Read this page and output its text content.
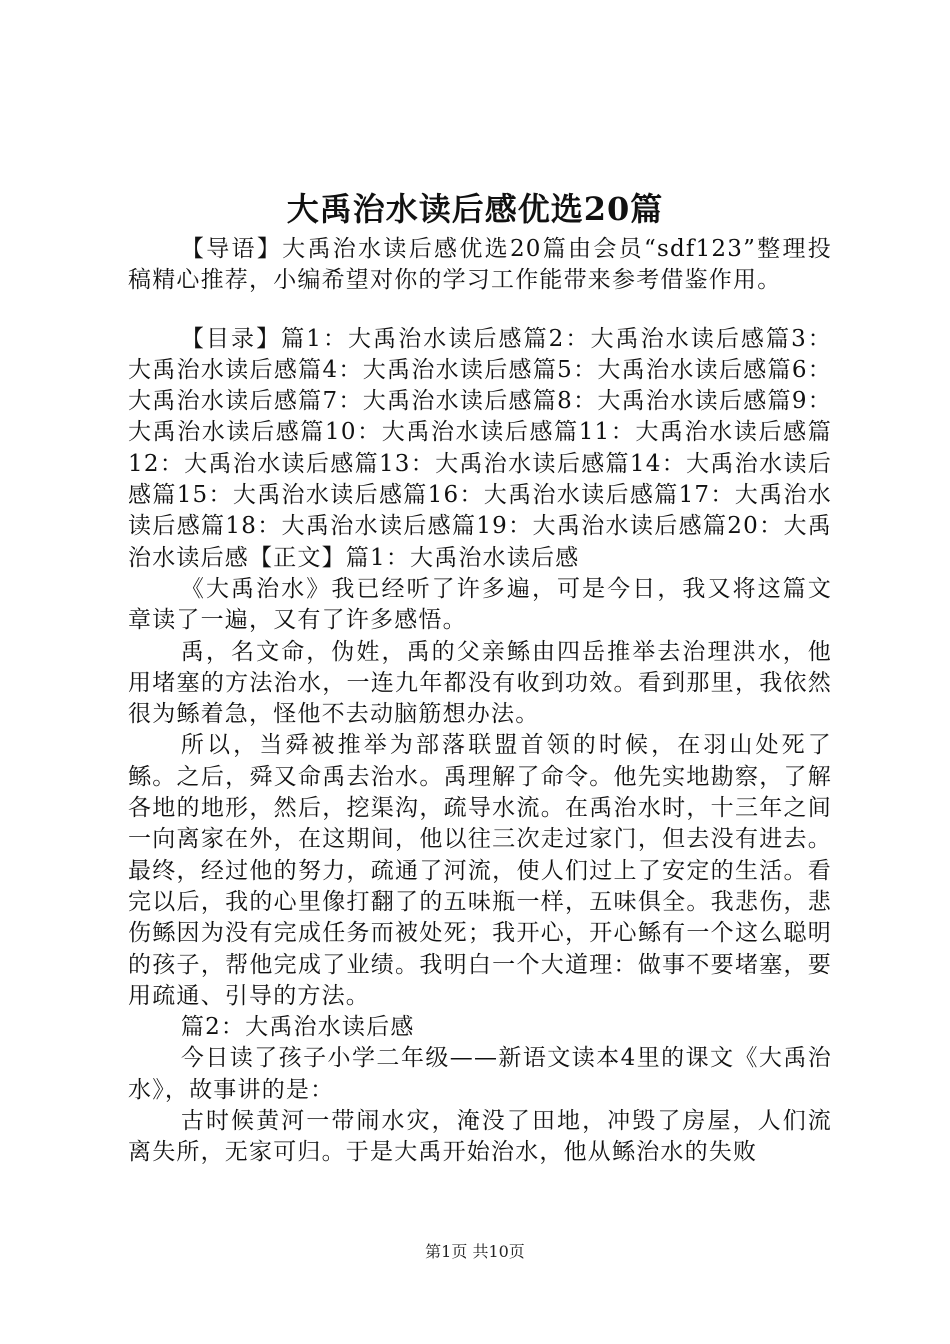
大禹治水读后感优选20篇

【导语】大禹治水读后感优选20篇由会员“sdf123”整理投稿精心推荐，小编希望对你的学习工作能带来参考借鉴作用。

【目录】篇1：大禹治水读后感篇2：大禹治水读后感篇3：大禹治水读后感篇4：大禹治水读后感篇5：大禹治水读后感篇6：大禹治水读后感篇7：大禹治水读后感篇8：大禹治水读后感篇9：大禹治水读后感篇10：大禹治水读后感篇11：大禹治水读后感篇12：大禹治水读后感篇13：大禹治水读后感篇14：大禹治水读后感篇15：大禹治水读后感篇16：大禹治水读后感篇17：大禹治水读后感篇18：大禹治水读后感篇19：大禹治水读后感篇20：大禹治水读后感【正文】篇1：大禹治水读后感

《大禹治水》我已经听了许多遍，可是今日，我又将这篇文章读了一遍，又有了许多感悟。

禹，名文命，伪姓，禹的父亲鲧由四岳推举去治理洪水，他用堵塞的方法治水，一连九年都没有收到功效。看到那里，我依然很为鲧着急，怪他不去动脑筋想办法。

所以，当舜被推举为部落联盟首领的时候，在羽山处死了鲧。之后，舜又命禹去治水。禹理解了命令。他先实地勘察，了解各地的地形，然后，挖渠沟，疏导水流。在禹治水时，十三年之间一向离家在外，在这期间，他以往三次走过家门，但去没有进去。最终，经过他的努力，疏通了河流，使人们过上了安定的生活。看完以后，我的心里像打翻了的五味瓶一样，五味俱全。我悲伤，悲伤鲧因为没有完成任务而被处死；我开心，开心鲧有一个这么聪明的孩子，帮他完成了业绩。我明白一个大道理：做事不要堵塞，要用疏通、引导的方法。

篇2：大禹治水读后感

今日读了孩子小学二年级——新语文读本4里的课文《大禹治水》，故事讲的是：

古时候黄河一带闹水灾，淹没了田地，冲毁了房屋，人们流离失所，无家可归。于是大禹开始治水，他从鲧治水的失败

第1页 共10页
